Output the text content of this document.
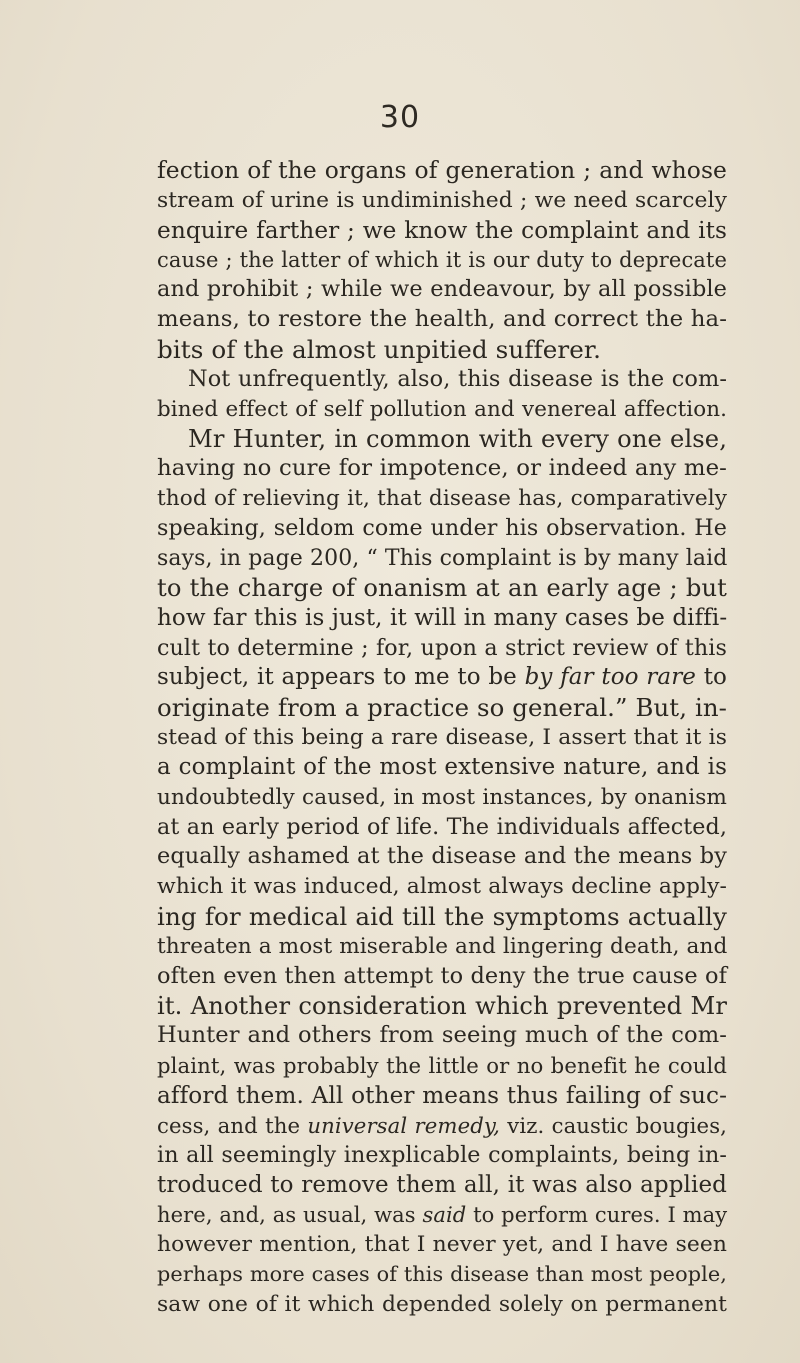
30
fection of the organs of generation ; and whose
stream of urine is undiminished ; we need scarcely
enquire farther ; we know the complaint and its
cause ; the latter of which it is our duty to deprecate
and prohibit ; while we endeavour, by all possible
means, to restore the health, and correct the ha-
bits of the almost unpitied sufferer.
Not unfrequently, also, this disease is the com-
bined effect of self pollution and venereal affection.
Mr Hunter, in common with every one else,
having no cure for impotence, or indeed any me-
thod of relieving it, that disease has, comparatively
speaking, seldom come under his observation. He
says, in page 200, “ This complaint is by many laid
to the charge of onanism at an early age ; but
how far this is just, it will in many cases be diffi-
cult to determine ; for, upon a strict review of this
subject, it appears to me to be by far too rare to
originate from a practice so general.” But, in-
stead of this being a rare disease, I assert that it is
a complaint of the most extensive nature, and is
undoubtedly caused, in most instances, by onanism
at an early period of life. The individuals affected,
equally ashamed at the disease and the means by
which it was induced, almost always decline apply-
ing for medical aid till the symptoms actually
threaten a most miserable and lingering death, and
often even then attempt to deny the true cause of
it. Another consideration which prevented Mr
Hunter and others from seeing much of the com-
plaint, was probably the little or no benefit he could
afford them. All other means thus failing of suc-
cess, and the universal remedy, viz. caustic bougies,
in all seemingly inexplicable complaints, being in-
troduced to remove them all, it was also applied
here, and, as usual, was said to perform cures. I may
however mention, that I never yet, and I have seen
perhaps more cases of this disease than most people,
saw one of it which depended solely on permanent
